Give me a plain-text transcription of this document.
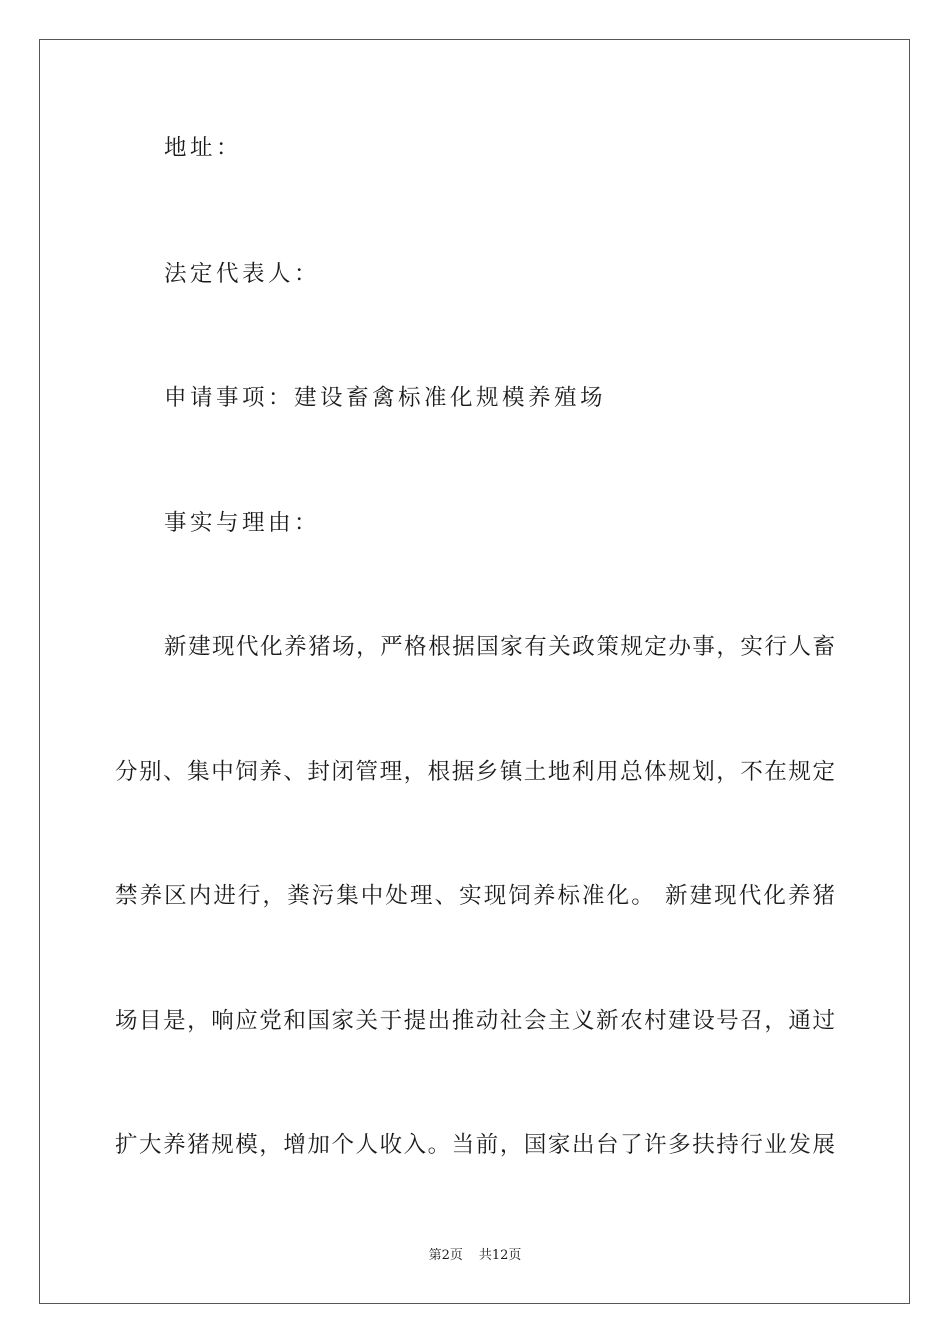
地址：
法定代表人：
申请事项：建设畜禽标准化规模养殖场
事实与理由：
新建现代化养猪场，严格根据国家有关政策规定办事，实行人畜
分别、集中饲养、封闭管理，根据乡镇土地利用总体规划，不在规定
禁养区内进行，粪污集中处理、实现饲养标准化。 新建现代化养猪
场目是，响应党和国家关于提出推动社会主义新农村建设号召，通过
扩大养猪规模，增加个人收入。当前，国家出台了许多扶持行业发展
第2页 共12页
